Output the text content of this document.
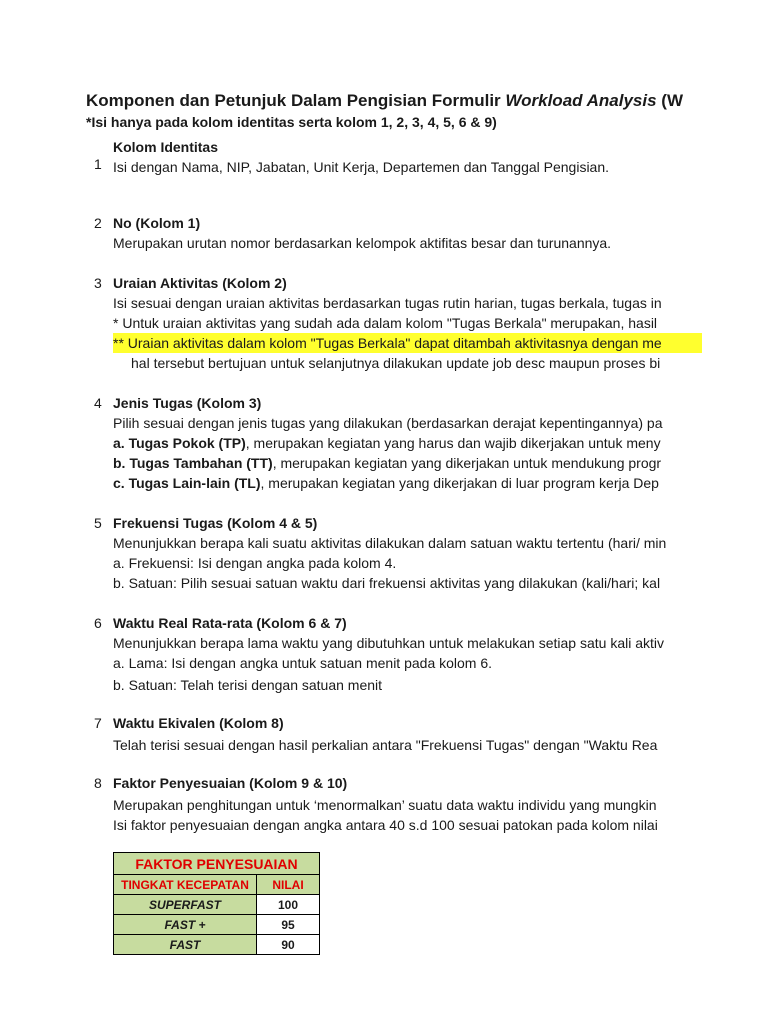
Komponen dan Petunjuk Dalam Pengisian Formulir Workload Analysis (W
*Isi hanya pada kolom identitas serta kolom 1, 2, 3, 4, 5, 6 & 9)
1
Kolom Identitas
Isi dengan Nama, NIP, Jabatan, Unit Kerja, Departemen dan Tanggal Pengisian.
2 No (Kolom 1)
Merupakan urutan nomor berdasarkan kelompok aktifitas besar dan turunannya.
3 Uraian Aktivitas (Kolom 2)
Isi sesuai dengan uraian aktivitas berdasarkan tugas rutin harian, tugas berkala, tugas in
* Untuk uraian aktivitas yang sudah ada dalam kolom "Tugas Berkala" merupakan, hasil
** Uraian aktivitas dalam kolom "Tugas Berkala" dapat ditambah aktivitasnya dengan me
hal tersebut bertujuan untuk selanjutnya dilakukan update job desc maupun proses bi
4 Jenis Tugas (Kolom 3)
Pilih sesuai dengan jenis tugas yang dilakukan (berdasarkan derajat kepentingannya) pa
a. Tugas Pokok (TP), merupakan kegiatan yang harus dan wajib dikerjakan untuk meny
b. Tugas Tambahan (TT), merupakan kegiatan yang dikerjakan untuk mendukung progr
c. Tugas Lain-lain (TL), merupakan kegiatan yang dikerjakan di luar program kerja Dep
5 Frekuensi Tugas (Kolom 4 & 5)
Menunjukkan berapa kali suatu aktivitas dilakukan dalam satuan waktu tertentu (hari/ min
a. Frekuensi: Isi dengan angka pada kolom 4.
b. Satuan: Pilih sesuai satuan waktu dari frekuensi aktivitas yang dilakukan (kali/hari; kal
6 Waktu Real Rata-rata (Kolom 6 & 7)
Menunjukkan berapa lama waktu yang dibutuhkan untuk melakukan setiap satu kali aktiv
a. Lama: Isi dengan angka untuk satuan menit pada kolom 6.
b. Satuan: Telah terisi dengan satuan menit
7 Waktu Ekivalen (Kolom 8)
Telah terisi sesuai dengan hasil perkalian antara "Frekuensi Tugas" dengan "Waktu Rea
8 Faktor Penyesuaian (Kolom 9 & 10)
Merupakan penghitungan untuk ‘menormalkan’ suatu data waktu individu yang mungkin
Isi faktor penyesuaian dengan angka antara 40 s.d 100 sesuai patokan pada kolom nilai
FAKTOR PENYESUAIAN	
TINGKAT KECEPATAN	NILAI
SUPERFAST	100
FAST +	95
FAST	90
